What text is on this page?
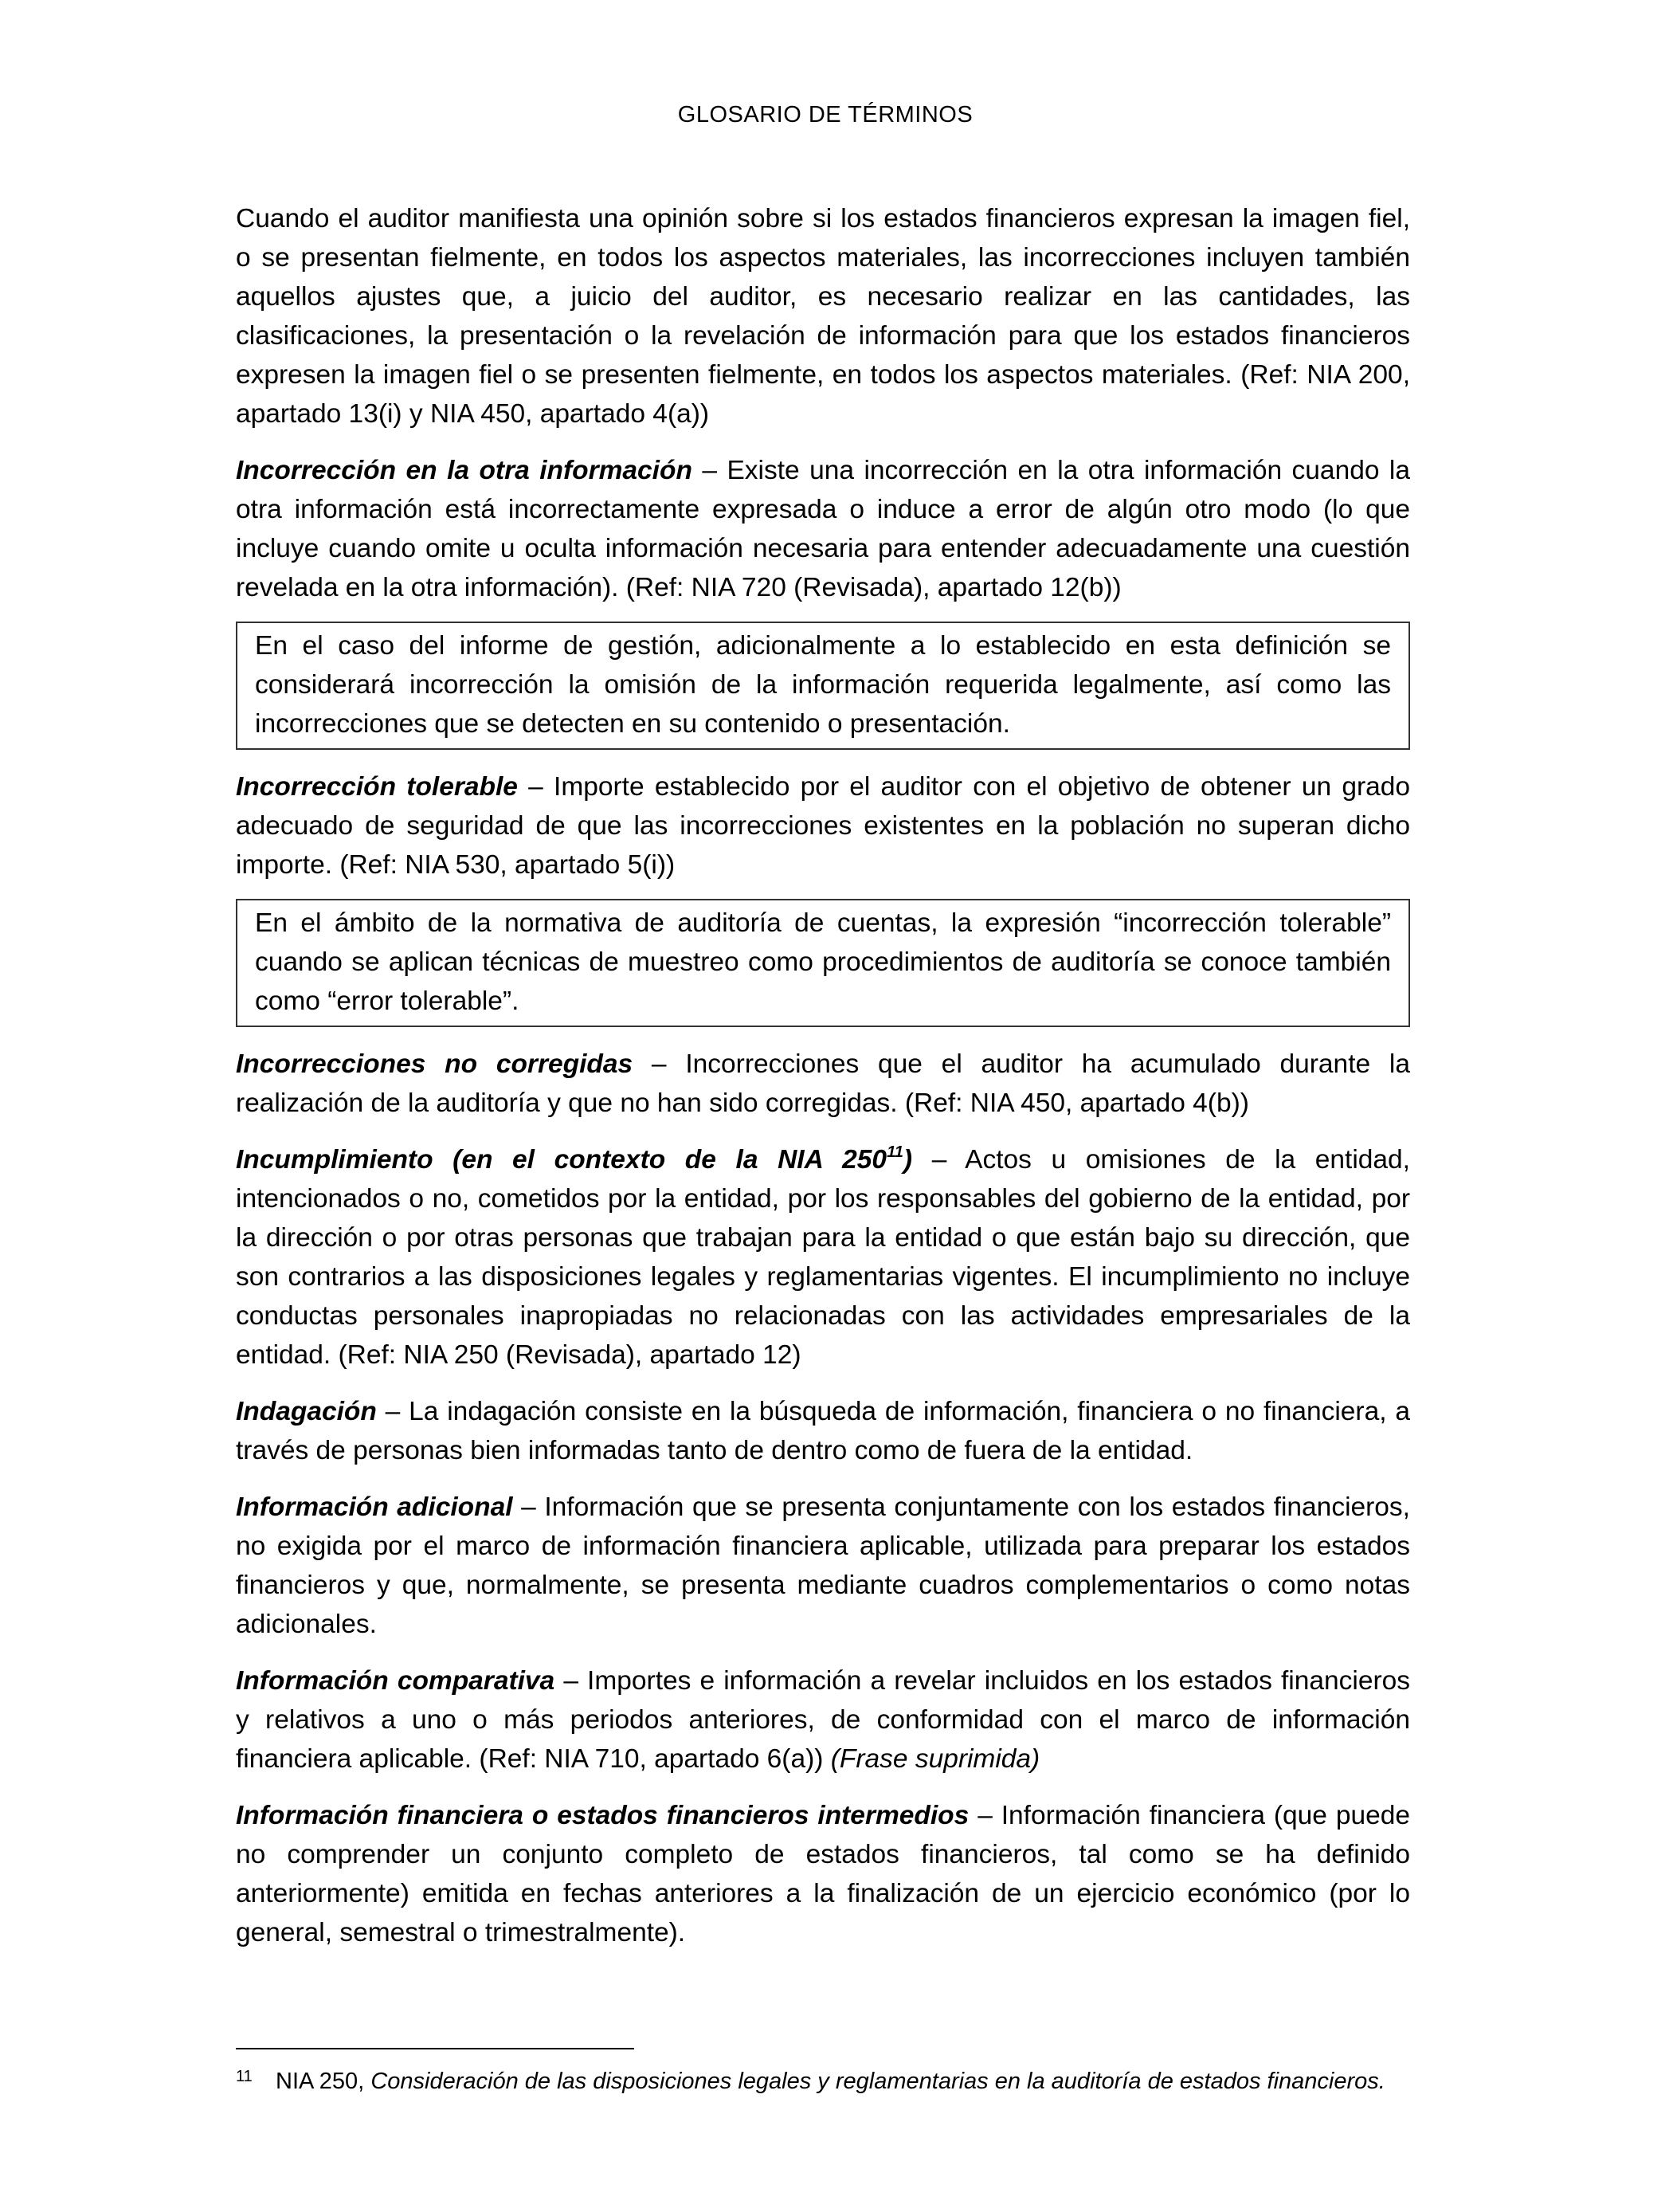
GLOSARIO DE TÉRMINOS

Cuando el auditor manifiesta una opinión sobre si los estados financieros expresan la imagen fiel, o se presentan fielmente, en todos los aspectos materiales, las incorrecciones incluyen también aquellos ajustes que, a juicio del auditor, es necesario realizar en las cantidades, las clasificaciones, la presentación o la revelación de información para que los estados financieros expresen la imagen fiel o se presenten fielmente, en todos los aspectos materiales. (Ref: NIA 200, apartado 13(i) y NIA 450, apartado 4(a))

Incorrección en la otra información – Existe una incorrección en la otra información cuando la otra información está incorrectamente expresada o induce a error de algún otro modo (lo que incluye cuando omite u oculta información necesaria para entender adecuadamente una cuestión revelada en la otra información). (Ref: NIA 720 (Revisada), apartado 12(b))

En el caso del informe de gestión, adicionalmente a lo establecido en esta definición se considerará incorrección la omisión de la información requerida legalmente, así como las incorrecciones que se detecten en su contenido o presentación.

Incorrección tolerable – Importe establecido por el auditor con el objetivo de obtener un grado adecuado de seguridad de que las incorrecciones existentes en la población no superan dicho importe. (Ref: NIA 530, apartado 5(i))

En el ámbito de la normativa de auditoría de cuentas, la expresión “incorrección tolerable” cuando se aplican técnicas de muestreo como procedimientos de auditoría se conoce también como “error tolerable”.

Incorrecciones no corregidas – Incorrecciones que el auditor ha acumulado durante la realización de la auditoría y que no han sido corregidas. (Ref: NIA 450, apartado 4(b))

Incumplimiento (en el contexto de la NIA $250^{11}$) – Actos u omisiones de la entidad, intencionados o no, cometidos por la entidad, por los responsables del gobierno de la entidad, por la dirección o por otras personas que trabajan para la entidad o que están bajo su dirección, que son contrarios a las disposiciones legales y reglamentarias vigentes. El incumplimiento no incluye conductas personales inapropiadas no relacionadas con las actividades empresariales de la entidad. (Ref: NIA 250 (Revisada), apartado 12)

Indagación – La indagación consiste en la búsqueda de información, financiera o no financiera, a través de personas bien informadas tanto de dentro como de fuera de la entidad.

Información adicional – Información que se presenta conjuntamente con los estados financieros, no exigida por el marco de información financiera aplicable, utilizada para preparar los estados financieros y que, normalmente, se presenta mediante cuadros complementarios o como notas adicionales.

Información comparativa – Importes e información a revelar incluidos en los estados financieros y relativos a uno o más periodos anteriores, de conformidad con el marco de información financiera aplicable. (Ref: NIA 710, apartado 6(a)) (Frase suprimida)

Información financiera o estados financieros intermedios – Información financiera (que puede no comprender un conjunto completo de estados financieros, tal como se ha definido anteriormente) emitida en fechas anteriores a la finalización de un ejercicio económico (por lo general, semestral o trimestralmente).

11 NIA 250, Consideración de las disposiciones legales y reglamentarias en la auditoría de estados financieros.
